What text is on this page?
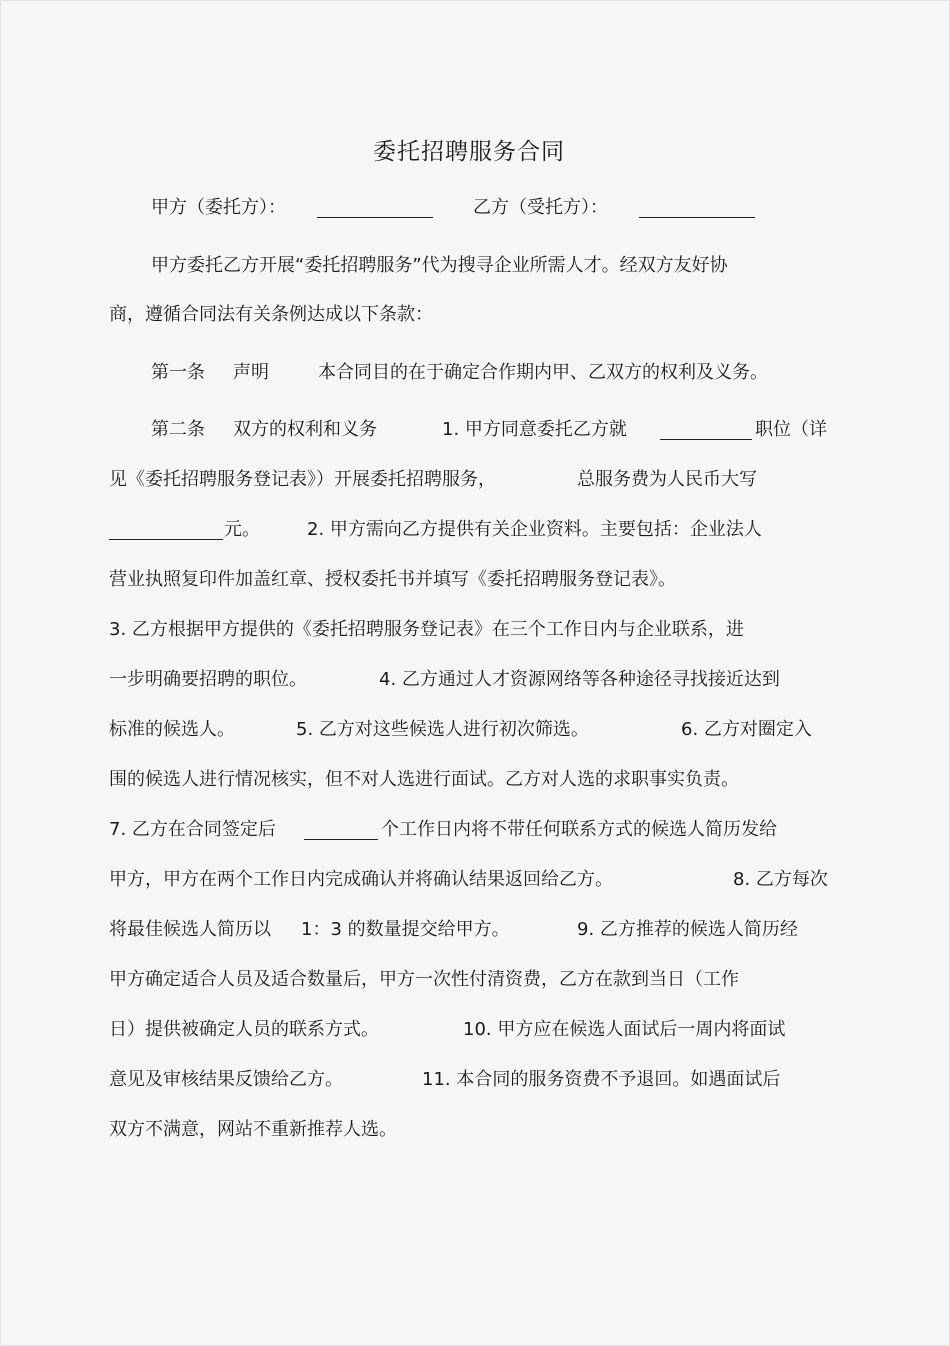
委托招聘服务合同
甲方（委托方）：	乙方（受托方）：
甲方委托乙方开展“委托招聘服务”代为搜寻企业所需人才。经双方友好协
商，遵循合同法有关条例达成以下条款：
第一条 声明	本合同目的在于确定合作期内甲、乙双方的权利及义务。
第二条 双方的权利和义务	1. 甲方同意委托乙方就	职位（详
见《委托招聘服务登记表》）开展委托招聘服务，	总服务费为人民币大写
元。	2. 甲方需向乙方提供有关企业资料。主要包括：企业法人
营业执照复印件加盖红章、授权委托书并填写《委托招聘服务登记表》。
3. 乙方根据甲方提供的《委托招聘服务登记表》在三个工作日内与企业联系，进
一步明确要招聘的职位。	4. 乙方通过人才资源网络等各种途径寻找接近达到
标准的候选人。	5. 乙方对这些候选人进行初次筛选。	6. 乙方对圈定入
围的候选人进行情况核实，但不对人选进行面试。乙方对人选的求职事实负责。
7. 乙方在合同签定后	个工作日内将不带任何联系方式的候选人简历发给
甲方，甲方在两个工作日内完成确认并将确认结果返回给乙方。	8. 乙方每次
将最佳候选人简历以 1：3 的数量提交给甲方。	9. 乙方推荐的候选人简历经
甲方确定适合人员及适合数量后，甲方一次性付清资费，乙方在款到当日（工作
日）提供被确定人员的联系方式。	10. 甲方应在候选人面试后一周内将面试
意见及审核结果反馈给乙方。	11. 本合同的服务资费不予退回。如遇面试后
双方不满意，网站不重新推荐人选。
